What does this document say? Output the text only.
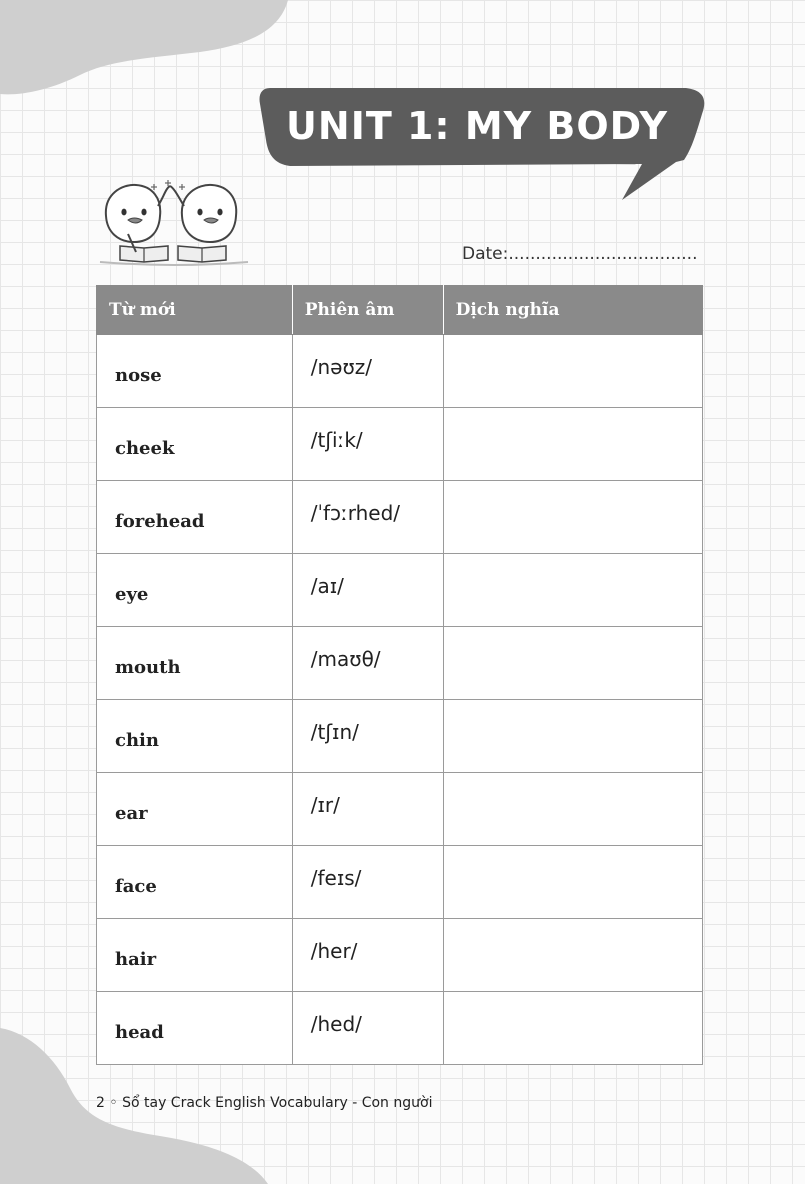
UNIT 1: MY BODY
Date:...................................
Từ mới	Phiên âm	Dịch nghĩa
nose	/nəʊz/	
cheek	/tʃiːk/	
forehead	/ˈfɔːrhed/	
eye	/aɪ/	
mouth	/maʊθ/	
chin	/tʃɪn/	
ear	/ɪr/	
face	/feɪs/	
hair	/her/	
head	/hed/	
2 ◦ Sổ tay Crack English Vocabulary - Con người
